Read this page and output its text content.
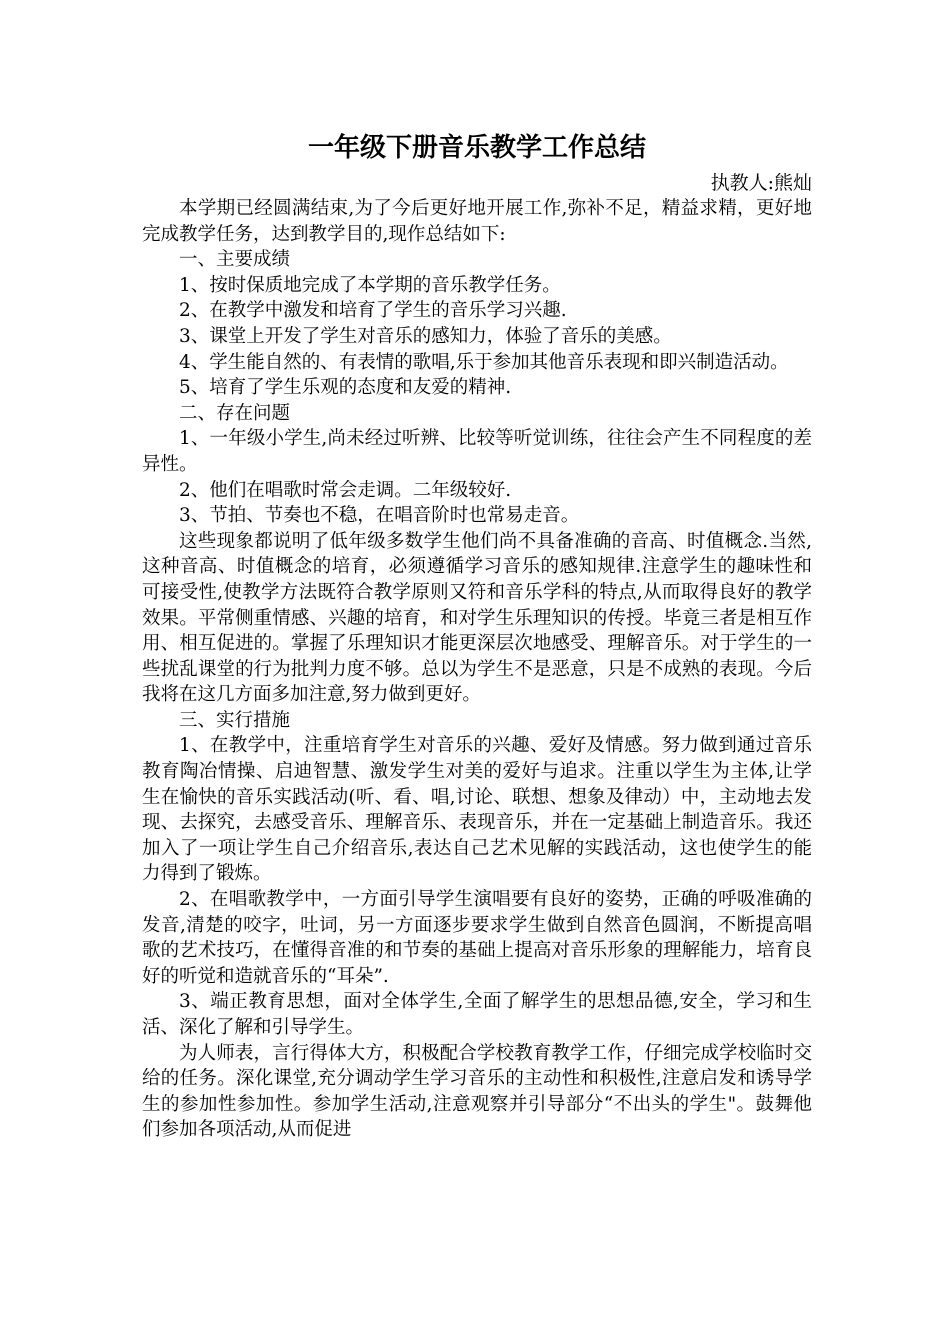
一年级下册音乐教学工作总结

执教人:熊灿

本学期已经圆满结束,为了今后更好地开展工作,弥补不足，精益求精，更好地完成教学任务，达到教学目的,现作总结如下:

一、主要成绩

1、按时保质地完成了本学期的音乐教学任务。

2、在教学中激发和培育了学生的音乐学习兴趣.

3、课堂上开发了学生对音乐的感知力，体验了音乐的美感。

4、学生能自然的、有表情的歌唱,乐于参加其他音乐表现和即兴制造活动。

5、培育了学生乐观的态度和友爱的精神.

二、存在问题

1、一年级小学生,尚未经过听辨、比较等听觉训练，往往会产生不同程度的差异性。

2、他们在唱歌时常会走调。二年级较好.

3、节拍、节奏也不稳，在唱音阶时也常易走音。

这些现象都说明了低年级多数学生他们尚不具备准确的音高、时值概念.当然,这种音高、时值概念的培育，必须遵循学习音乐的感知规律.注意学生的趣味性和可接受性,使教学方法既符合教学原则又符和音乐学科的特点,从而取得良好的教学效果。平常侧重情感、兴趣的培育，和对学生乐理知识的传授。毕竟三者是相互作用、相互促进的。掌握了乐理知识才能更深层次地感受、理解音乐。对于学生的一些扰乱课堂的行为批判力度不够。总以为学生不是恶意，只是不成熟的表现。今后我将在这几方面多加注意,努力做到更好。

三、实行措施

1、在教学中，注重培育学生对音乐的兴趣、爱好及情感。努力做到通过音乐教育陶冶情操、启迪智慧、激发学生对美的爱好与追求。注重以学生为主体,让学生在愉快的音乐实践活动(听、看、唱,讨论、联想、想象及律动）中，主动地去发现、去探究，去感受音乐、理解音乐、表现音乐，并在一定基础上制造音乐。我还加入了一项让学生自己介绍音乐,表达自己艺术见解的实践活动，这也使学生的能力得到了锻炼。

2、在唱歌教学中，一方面引导学生演唱要有良好的姿势，正确的呼吸准确的发音,清楚的咬字，吐词，另一方面逐步要求学生做到自然音色圆润，不断提高唱歌的艺术技巧，在懂得音准的和节奏的基础上提高对音乐形象的理解能力，培育良好的听觉和造就音乐的“耳朵”.

3、端正教育思想，面对全体学生,全面了解学生的思想品德,安全，学习和生活、深化了解和引导学生。

为人师表，言行得体大方，积极配合学校教育教学工作，仔细完成学校临时交给的任务。深化课堂,充分调动学生学习音乐的主动性和积极性,注意启发和诱导学生的参加性参加性。参加学生活动,注意观察并引导部分“不出头的学生"。鼓舞他们参加各项活动,从而促进
